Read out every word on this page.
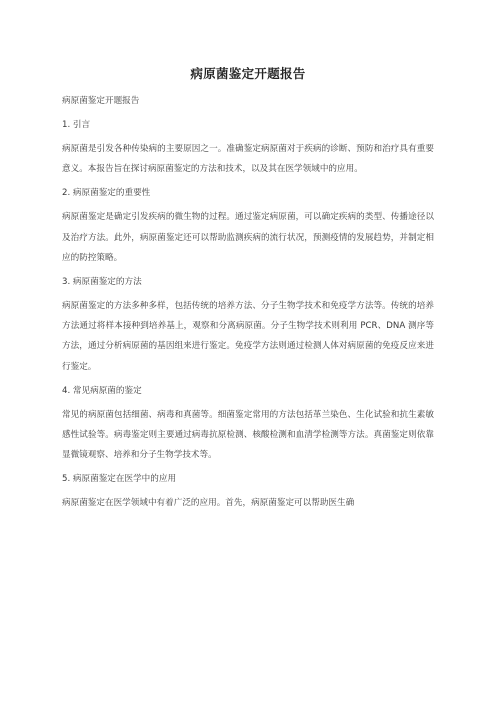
病原菌鉴定开题报告

病原菌鉴定开题报告

1. 引言

病原菌是引发各种传染病的主要原因之一。准确鉴定病原菌对于疾病的诊断、预防和治疗具有重要意义。本报告旨在探讨病原菌鉴定的方法和技术，以及其在医学领域中的应用。

2. 病原菌鉴定的重要性

病原菌鉴定是确定引发疾病的微生物的过程。通过鉴定病原菌，可以确定疾病的类型、传播途径以及治疗方法。此外，病原菌鉴定还可以帮助监测疾病的流行状况，预测疫情的发展趋势，并制定相应的防控策略。

3. 病原菌鉴定的方法

病原菌鉴定的方法多种多样，包括传统的培养方法、分子生物学技术和免疫学方法等。传统的培养方法通过将样本接种到培养基上，观察和分离病原菌。分子生物学技术则利用 PCR、DNA 测序等方法，通过分析病原菌的基因组来进行鉴定。免疫学方法则通过检测人体对病原菌的免疫反应来进行鉴定。

4. 常见病原菌的鉴定

常见的病原菌包括细菌、病毒和真菌等。细菌鉴定常用的方法包括革兰染色、生化试验和抗生素敏感性试验等。病毒鉴定则主要通过病毒抗原检测、核酸检测和血清学检测等方法。真菌鉴定则依靠显微镜观察、培养和分子生物学技术等。

5. 病原菌鉴定在医学中的应用

病原菌鉴定在医学领域中有着广泛的应用。首先，病原菌鉴定可以帮助医生确
